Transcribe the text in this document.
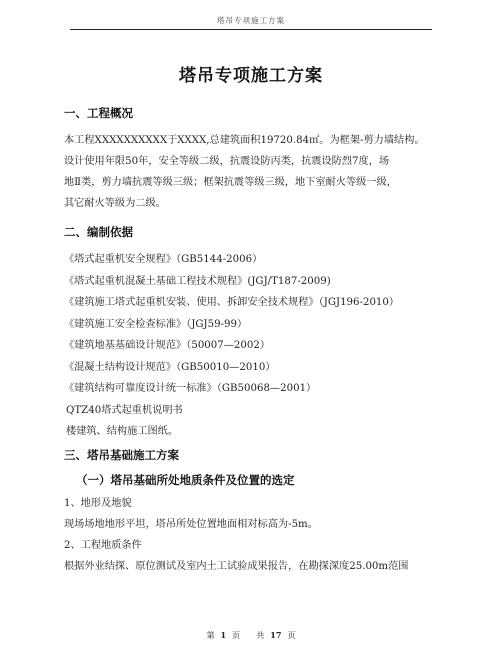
塔吊专项施工方案
塔吊专项施工方案
一、工程概况
本工程XXXXXXXXXX于XXXX,总建筑面积19720.84㎡。为框架-剪力墙结构。
设计使用年限50年，安全等级二级，抗震设防丙类，抗震设防烈7度，场
地Ⅱ类，剪力墙抗震等级三级；框架抗震等级三级，地下室耐火等级一级，
其它耐火等级为二级。
二、编制依据

《塔式起重机安全规程》（GB5144-2006）

《塔式起重机混凝土基础工程技术规程》(JGJ/T187-2009)

《建筑施工塔式起重机安装、使用、拆卸安全技术规程》（JGJ196-2010）

《建筑施工安全检查标准》（JGJ59-99）

《建筑地基基础设计规范》（50007—2002）

《混凝土结构设计规范》（GB50010—2010）

《建筑结构可靠度设计统一标准》（GB50068—2001）

QTZ40塔式起重机说明书

楼建筑、结构施工图纸。

三、塔吊基础施工方案
（一）塔吊基础所处地质条件及位置的选定

1、地形及地貌

现场场地地形平坦，塔吊所处位置地面相对标高为-5m。

2、工程地质条件

根据外业结探、原位测试及室内土工试验成果报告，在勘探深度25.00m范围

第 1 页 共 17 页
